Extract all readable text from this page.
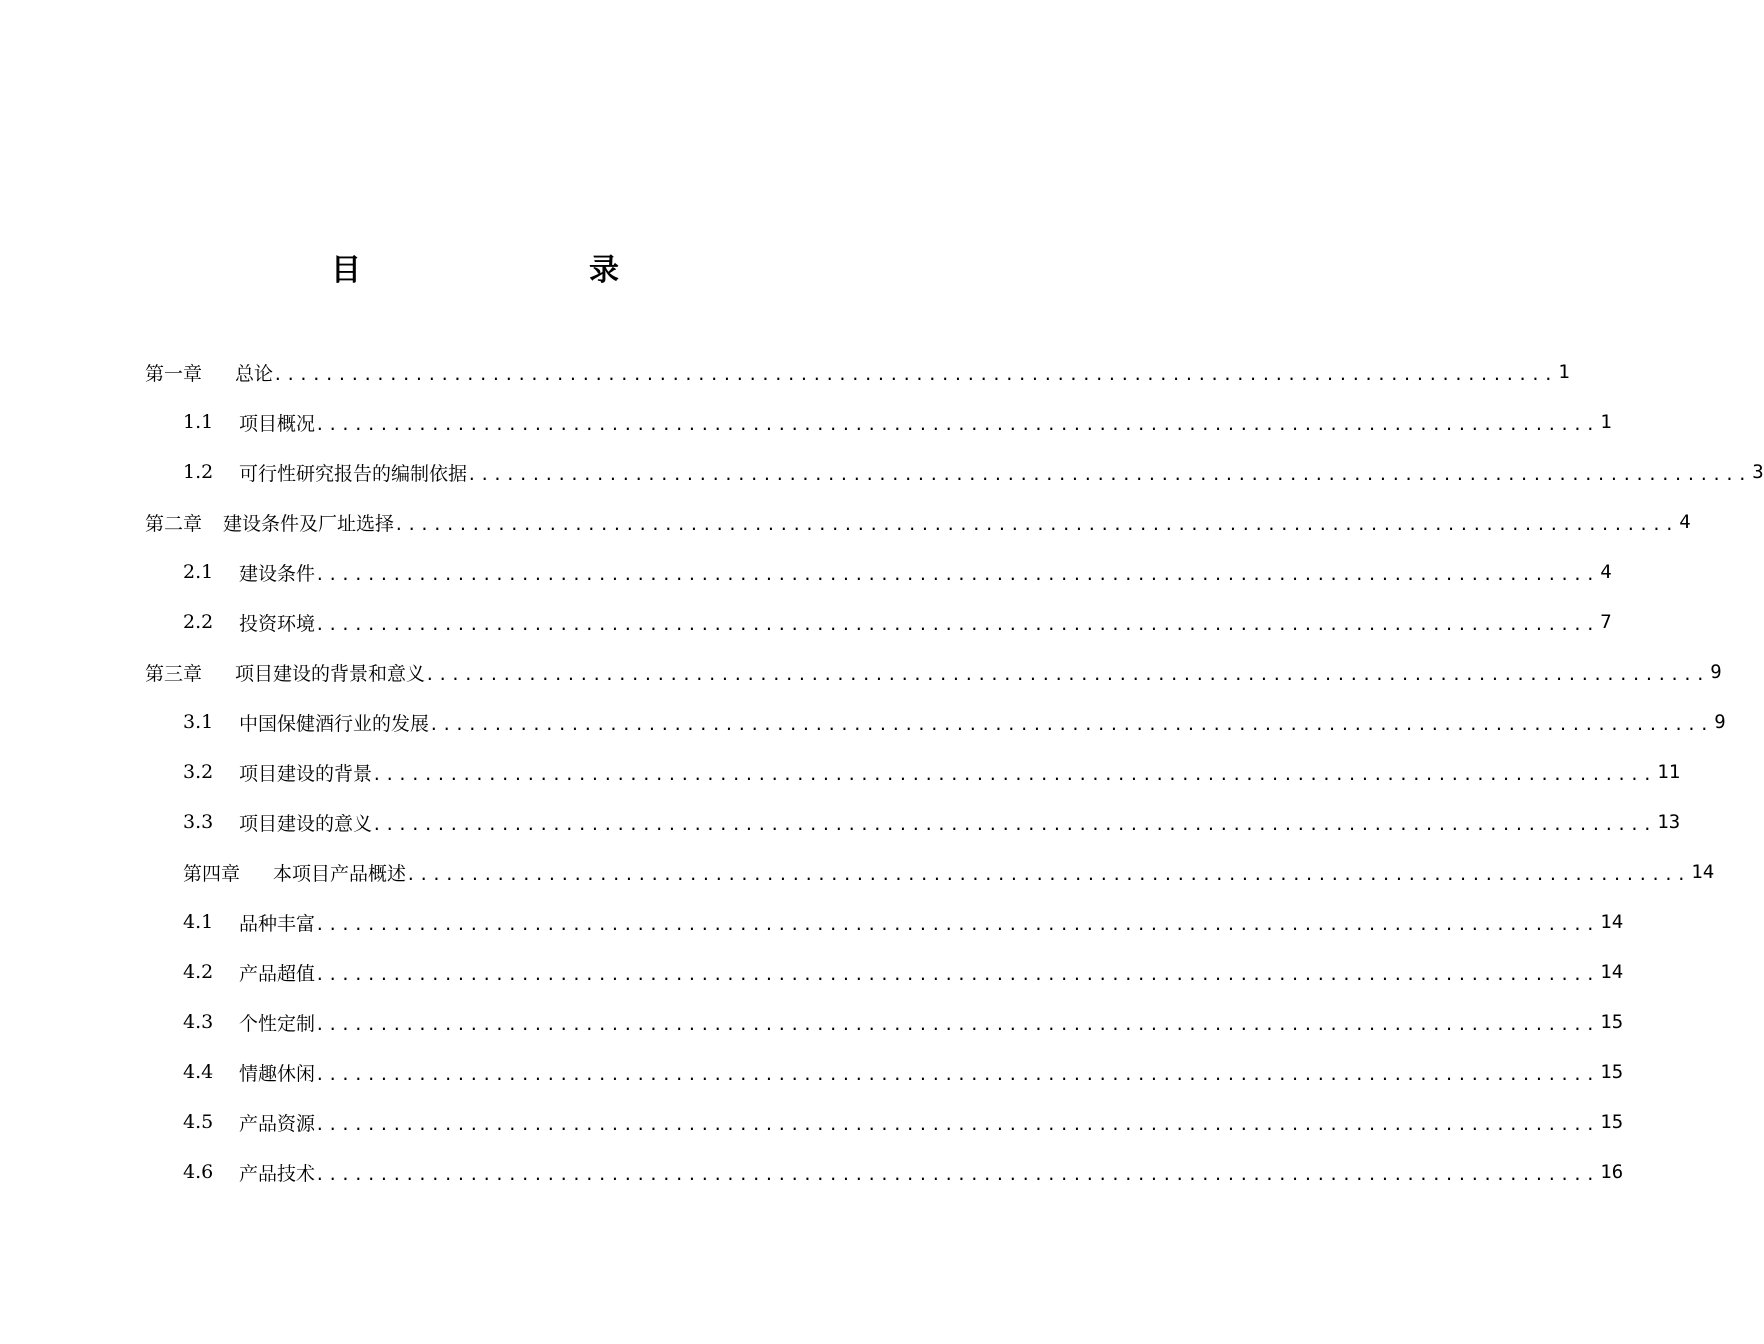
目　　录
第一章	总论 .................................................................................................... 1
1.1	项目概况 .................................................................................................... 1
1.2	可行性研究报告的编制依据 .................................................................................................... 3
第二章	建设条件及厂址选择 .................................................................................................... 4
2.1	建设条件 .................................................................................................... 4
2.2	投资环境 .................................................................................................... 7
第三章	项目建设的背景和意义 .................................................................................................... 9
3.1	中国保健酒行业的发展 .................................................................................................... 9
3.2	项目建设的背景 .................................................................................................... 11
3.3	项目建设的意义 .................................................................................................... 13
第四章	本项目产品概述 .................................................................................................... 14
4.1	品种丰富 .................................................................................................... 14
4.2	产品超值 .................................................................................................... 14
4.3	个性定制 .................................................................................................... 15
4.4	情趣休闲 .................................................................................................... 15
4.5	产品资源 .................................................................................................... 15
4.6	产品技术 .................................................................................................... 16
